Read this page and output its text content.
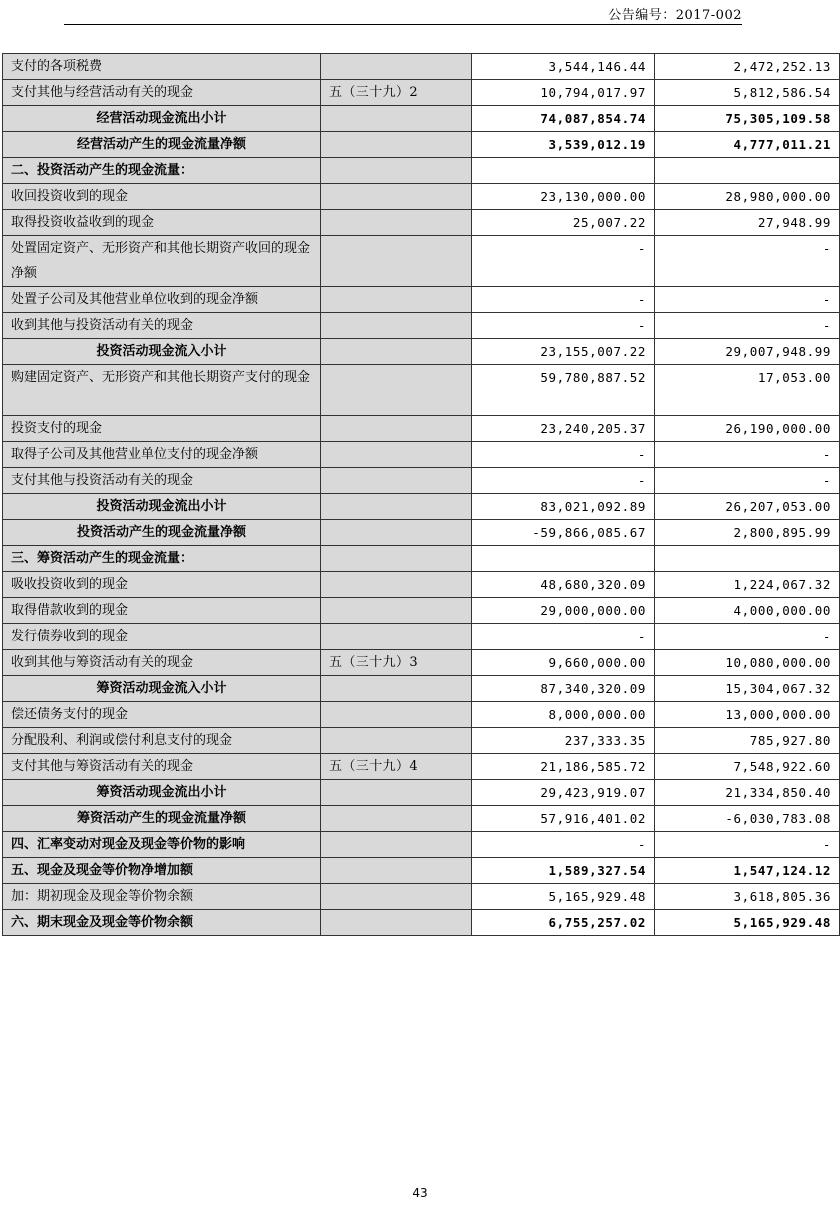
公告编号：2017-002
支付的各项税费		3,544,146.44	2,472,252.13
支付其他与经营活动有关的现金	五（三十九）2	10,794,017.97	5,812,586.54
经营活动现金流出小计		74,087,854.74	75,305,109.58
经营活动产生的现金流量净额		3,539,012.19	4,777,011.21
二、投资活动产生的现金流量：			
收回投资收到的现金		23,130,000.00	28,980,000.00
取得投资收益收到的现金		25,007.22	27,948.99
处置固定资产、无形资产和其他长期资产收回的现金净额		-	-
处置子公司及其他营业单位收到的现金净额		-	-
收到其他与投资活动有关的现金		-	-
投资活动现金流入小计		23,155,007.22	29,007,948.99
购建固定资产、无形资产和其他长期资产支付的现金		59,780,887.52	17,053.00
投资支付的现金		23,240,205.37	26,190,000.00
取得子公司及其他营业单位支付的现金净额		-	-
支付其他与投资活动有关的现金		-	-
投资活动现金流出小计		83,021,092.89	26,207,053.00
投资活动产生的现金流量净额		-59,866,085.67	2,800,895.99
三、筹资活动产生的现金流量：			
吸收投资收到的现金		48,680,320.09	1,224,067.32
取得借款收到的现金		29,000,000.00	4,000,000.00
发行债券收到的现金		-	-
收到其他与筹资活动有关的现金	五（三十九）3	9,660,000.00	10,080,000.00
筹资活动现金流入小计		87,340,320.09	15,304,067.32
偿还债务支付的现金		8,000,000.00	13,000,000.00
分配股利、利润或偿付利息支付的现金		237,333.35	785,927.80
支付其他与筹资活动有关的现金	五（三十九）4	21,186,585.72	7,548,922.60
筹资活动现金流出小计		29,423,919.07	21,334,850.40
筹资活动产生的现金流量净额		57,916,401.02	-6,030,783.08
四、汇率变动对现金及现金等价物的影响		-	-
五、现金及现金等价物净增加额		1,589,327.54	1,547,124.12
加：期初现金及现金等价物余额		5,165,929.48	3,618,805.36
六、期末现金及现金等价物余额		6,755,257.02	5,165,929.48
43
